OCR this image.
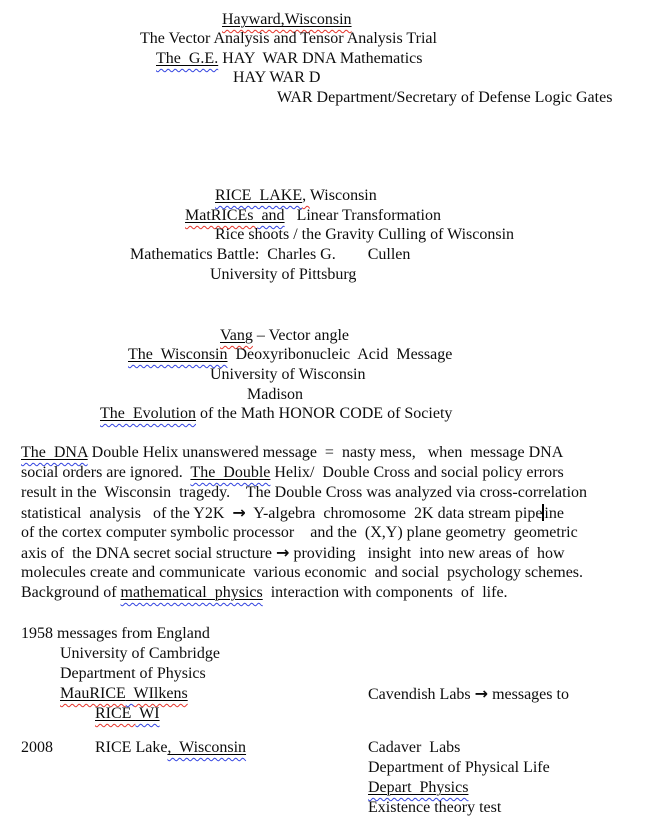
Hayward,Wisconsin
The Vector Analysis and Tensor Analysis Trial
The  G.E. HAY  WAR DNA Mathematics
HAY WAR D
WAR Department/Secretary of Defense Logic Gates
RICE  LAKE, Wisconsin
MatRICEs  and   Linear Transformation
Rice shoots / the Gravity Culling of Wisconsin
Mathematics Battle:  Charles G.        Cullen
University of Pittsburg
Vang – Vector angle
The  Wisconsin  Deoxyribonucleic  Acid  Message
University of Wisconsin
Madison
The  Evolution of the Math HONOR CODE of Society
The  DNA Double Helix unanswered message  =  nasty mess,   when  message DNA
social orders are ignored.  The  Double Helix/  Double Cross and social policy errors
result in the  Wisconsin  tragedy.    The Double Cross was analyzed via cross-correlation
statistical  analysis   of the Y2K  →  Y-algebra  chromosome  2K data stream pipe ine
of the cortex computer symbolic processor    and the  (X,Y) plane geometry  geometric
axis of  the DNA secret social structure → providing   insight  into new areas of  how
molecules create and communicate  various economic  and social  psychology schemes.
Background of mathematical  physics  interaction with components  of  life.
1958 messages from England
University of Cambridge
Department of Physics
MauRICE WIlkens	Cavendish Labs → messages to
RICE  WI
2008	RICE Lake,  Wisconsin	Cadaver  Labs
Department of Physical Life
Depart  Physics
Existence theory test
